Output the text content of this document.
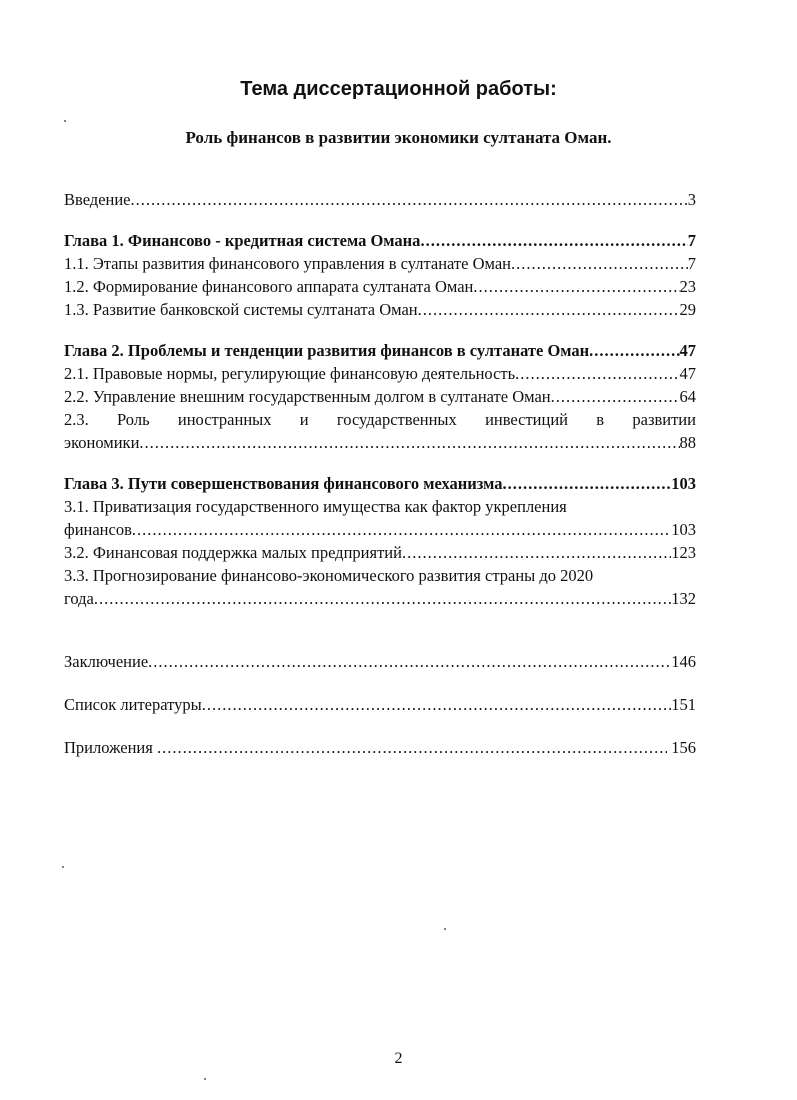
Тема диссертационной работы:
Роль финансов в развитии экономики султаната Оман.
Введение .....	3
Глава 1. Финансово - кредитная система Омана .....	7
1.1. Этапы развития финансового управления в султанате Оман .....	7
1.2. Формирование финансового аппарата султаната Оман .....	23
1.3. Развитие банковской системы султаната Оман .....	29
Глава 2. Проблемы и тенденции развития финансов в султанате Оман .....	47
2.1. Правовые нормы, регулирующие финансовую деятельность .....	47
2.2. Управление внешним государственным долгом в султанате Оман .....	64
2.3. Роль иностранных и государственных инвестиций в развитии
экономики .....	88
Глава 3. Пути совершенствования финансового механизма .....	103
3.1. Приватизация государственного имущества как фактор укрепления
финансов .....	103
3.2. Финансовая поддержка малых предприятий .....	123
3.3. Прогнозирование финансово-экономического развития страны до 2020
года .....	132
Заключение .....	146
Список литературы .....	151
Приложения .....	156
2
